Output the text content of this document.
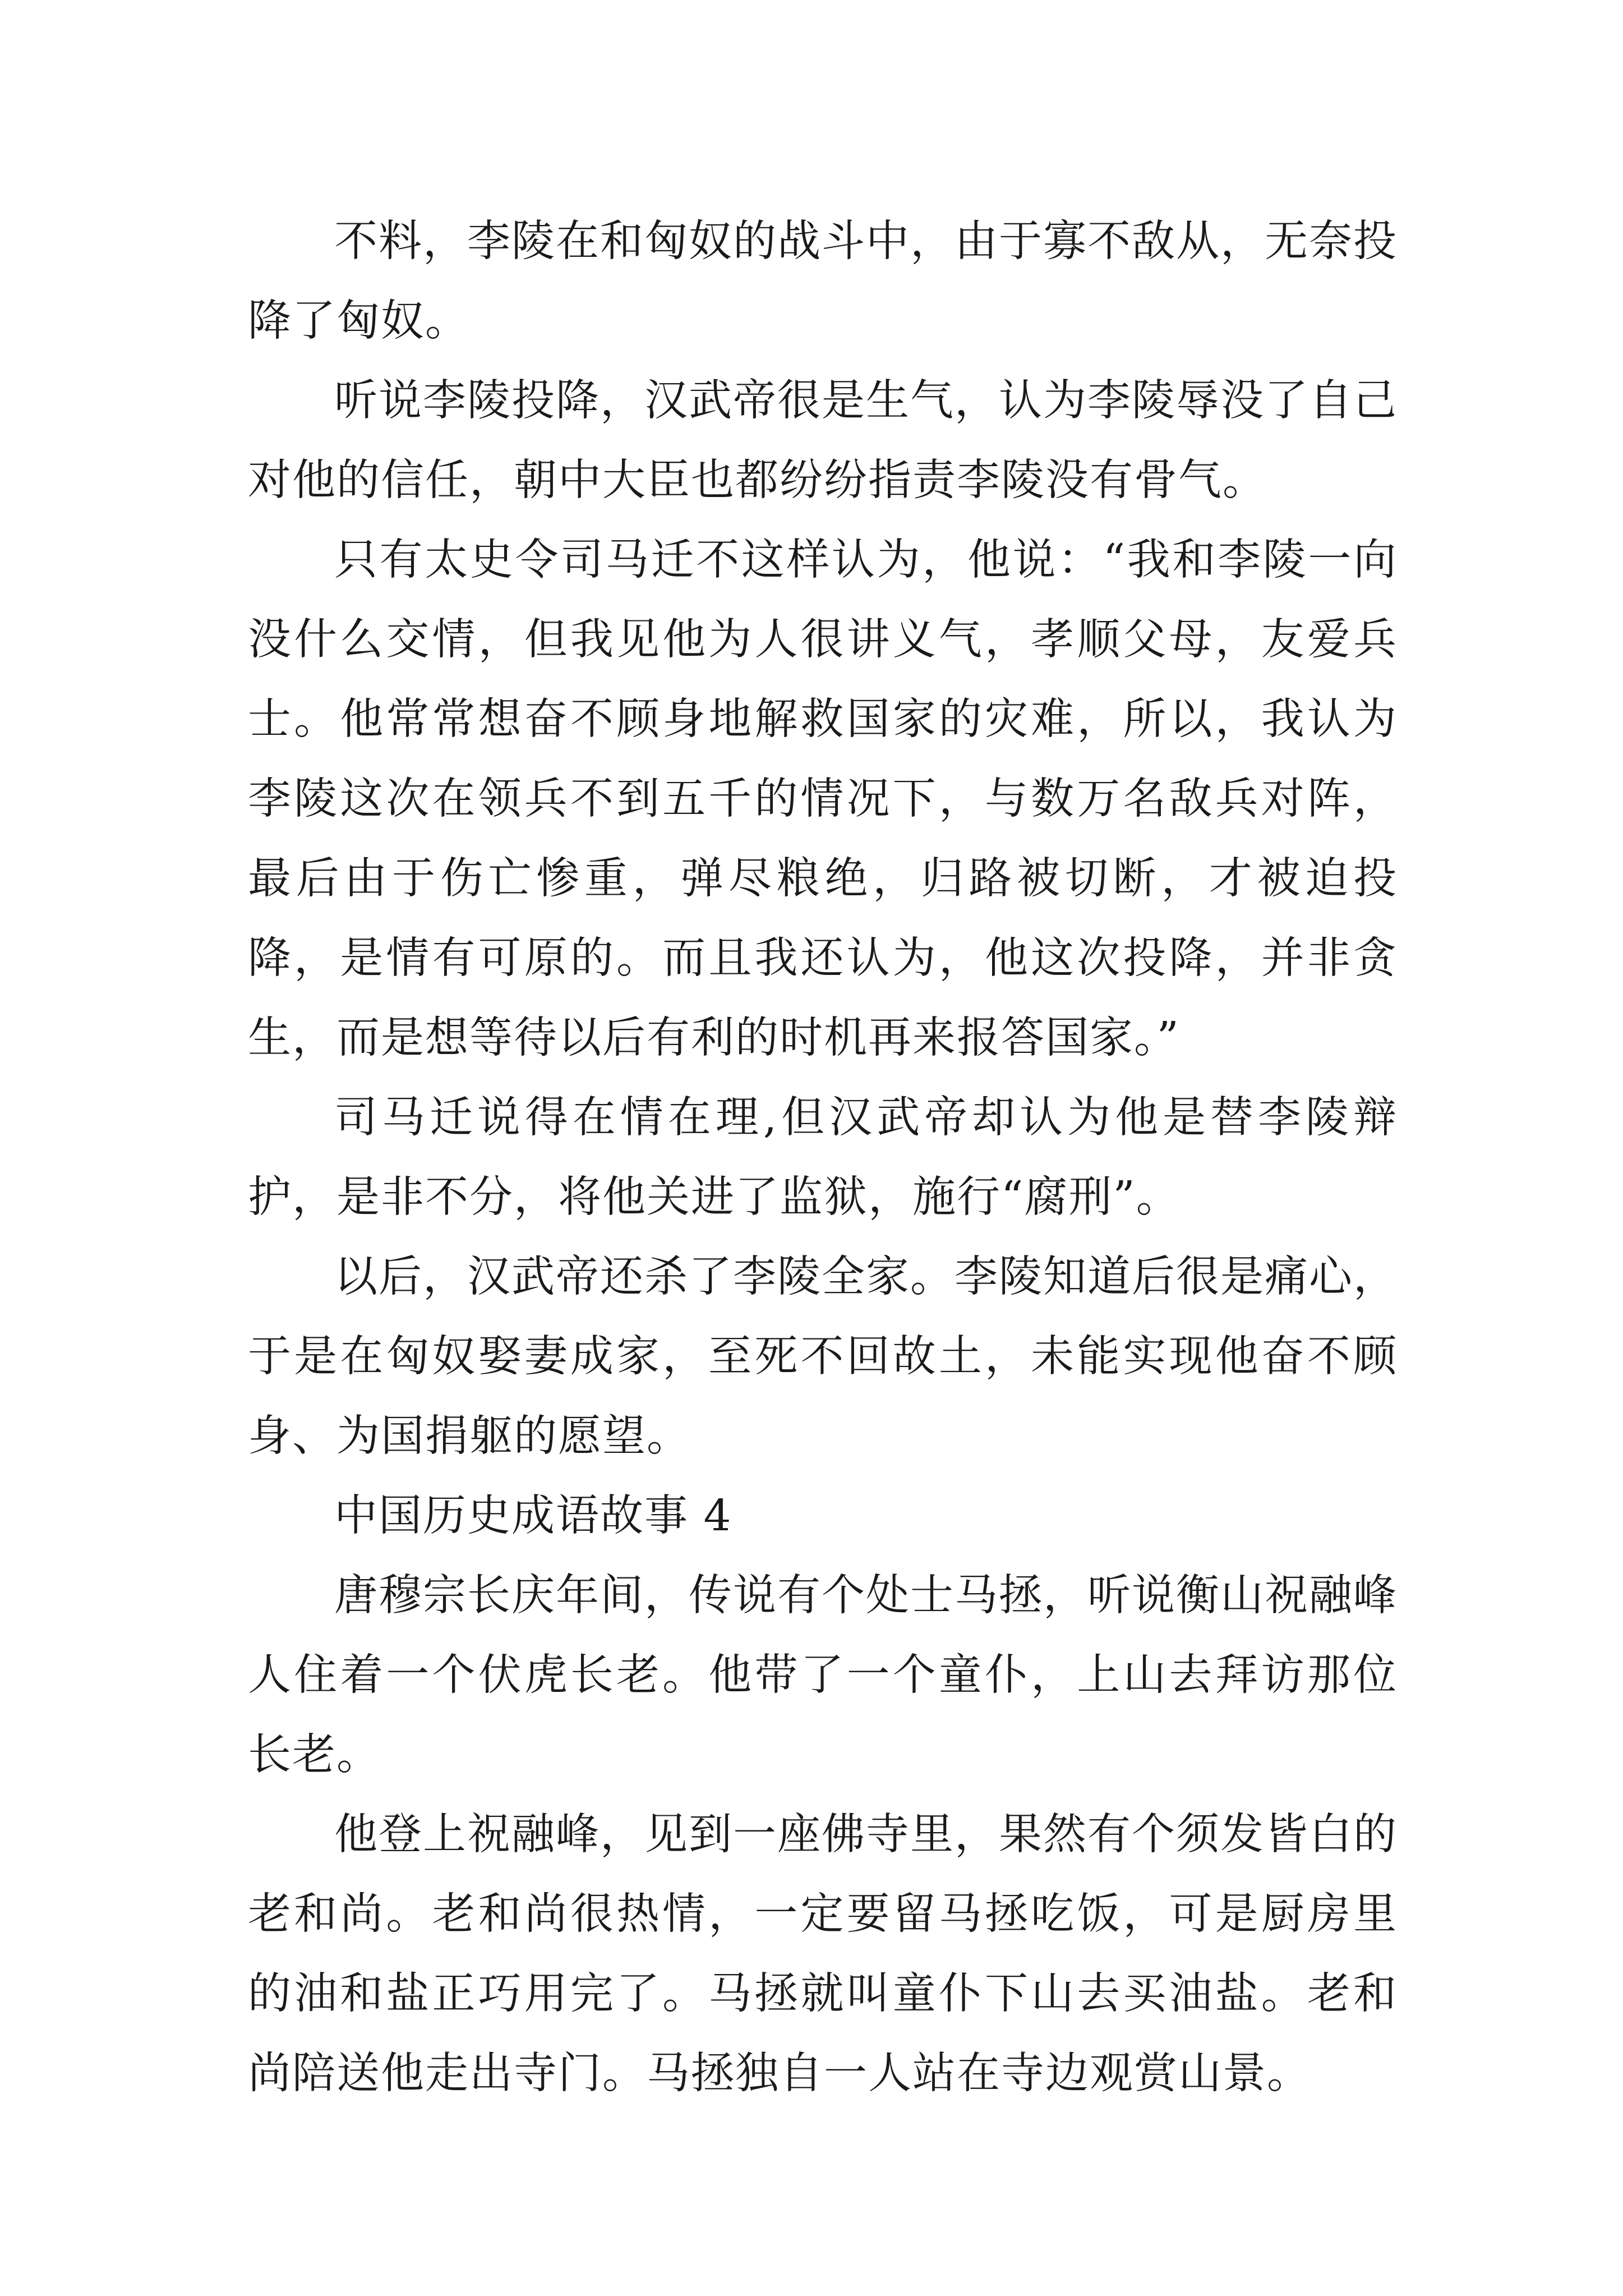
不料，李陵在和匈奴的战斗中，由于寡不敌从，无奈投降了匈奴。

听说李陵投降，汉武帝很是生气，认为李陵辱没了自己对他的信任，朝中大臣也都纷纷指责李陵没有骨气。

只有太史令司马迁不这样认为，他说：“我和李陵一向没什么交情，但我见他为人很讲义气，孝顺父母，友爱兵士。他常常想奋不顾身地解救国家的灾难，所以，我认为李陵这次在领兵不到五千的情况下，与数万名敌兵对阵，最后由于伤亡惨重，弹尽粮绝，归路被切断，才被迫投降，是情有可原的。而且我还认为，他这次投降，并非贪生，而是想等待以后有利的时机再来报答国家。”

司马迁说得在情在理,但汉武帝却认为他是替李陵辩护，是非不分，将他关进了监狱，施行“腐刑”。

以后，汉武帝还杀了李陵全家。李陵知道后很是痛心，于是在匈奴娶妻成家，至死不回故土，未能实现他奋不顾身、为国捐躯的愿望。

中国历史成语故事 4

唐穆宗长庆年间，传说有个处士马拯，听说衡山祝融峰人住着一个伏虎长老。他带了一个童仆，上山去拜访那位长老。

他登上祝融峰，见到一座佛寺里，果然有个须发皆白的老和尚。老和尚很热情，一定要留马拯吃饭，可是厨房里的油和盐正巧用完了。马拯就叫童仆下山去买油盐。老和尚陪送他走出寺门。马拯独自一人站在寺边观赏山景。
